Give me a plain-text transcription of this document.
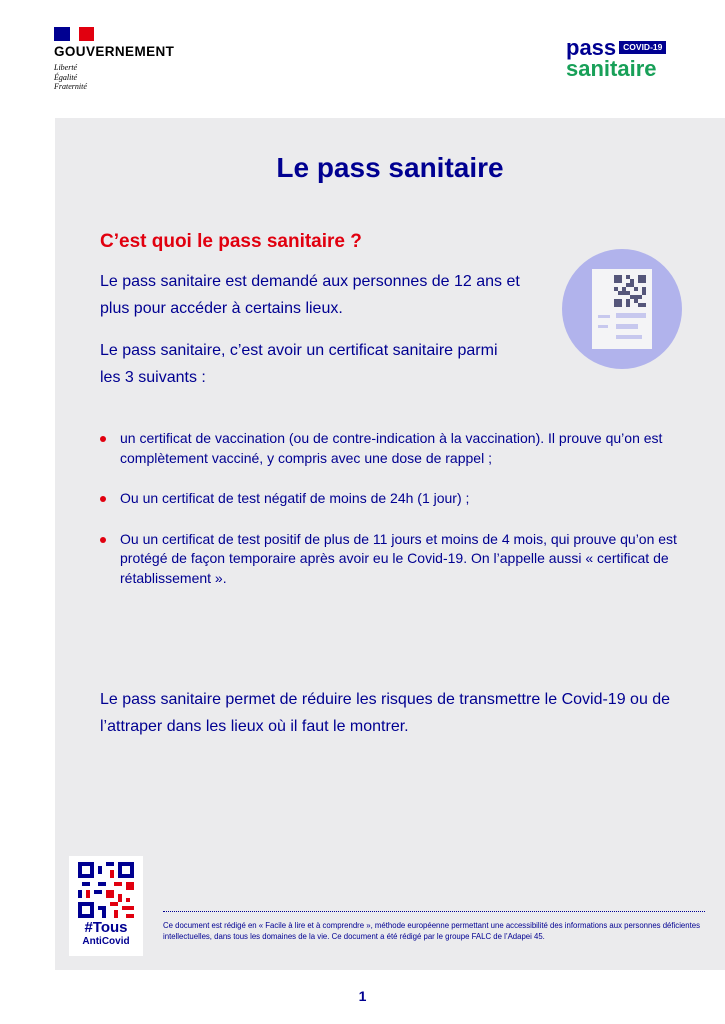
GOUVERNEMENT
Liberté
Égalité
Fraternité
pass COVID-19
sanitaire
Le pass sanitaire
C’est quoi le pass sanitaire ?
Le pass sanitaire est demandé aux personnes de 12 ans et plus pour accéder à certains lieux.
Le pass sanitaire, c’est avoir un certificat sanitaire parmi les 3 suivants :
un certificat de vaccination (ou de contre-indication à la vaccination). Il prouve qu’on est complètement vacciné, y compris avec une dose de rappel ;
Ou un certificat de test négatif de moins de 24h (1 jour) ;
Ou un certificat de test positif de plus de 11 jours et moins de 4 mois, qui prouve qu’on est protégé de façon temporaire après avoir eu le Covid-19. On l’appelle aussi « certificat de rétablissement ».
Le pass sanitaire permet de réduire les risques de transmettre le Covid-19 ou de l’attraper dans les lieux où il faut le montrer.
#Tous
AntiCovid
Ce document est rédigé en « Facile à lire et à comprendre », méthode européenne permettant une accessibilité des informations aux personnes déficientes intellectuelles, dans tous les domaines de la vie. Ce document a été rédigé par le groupe FALC de l’Adapei 45.
1
